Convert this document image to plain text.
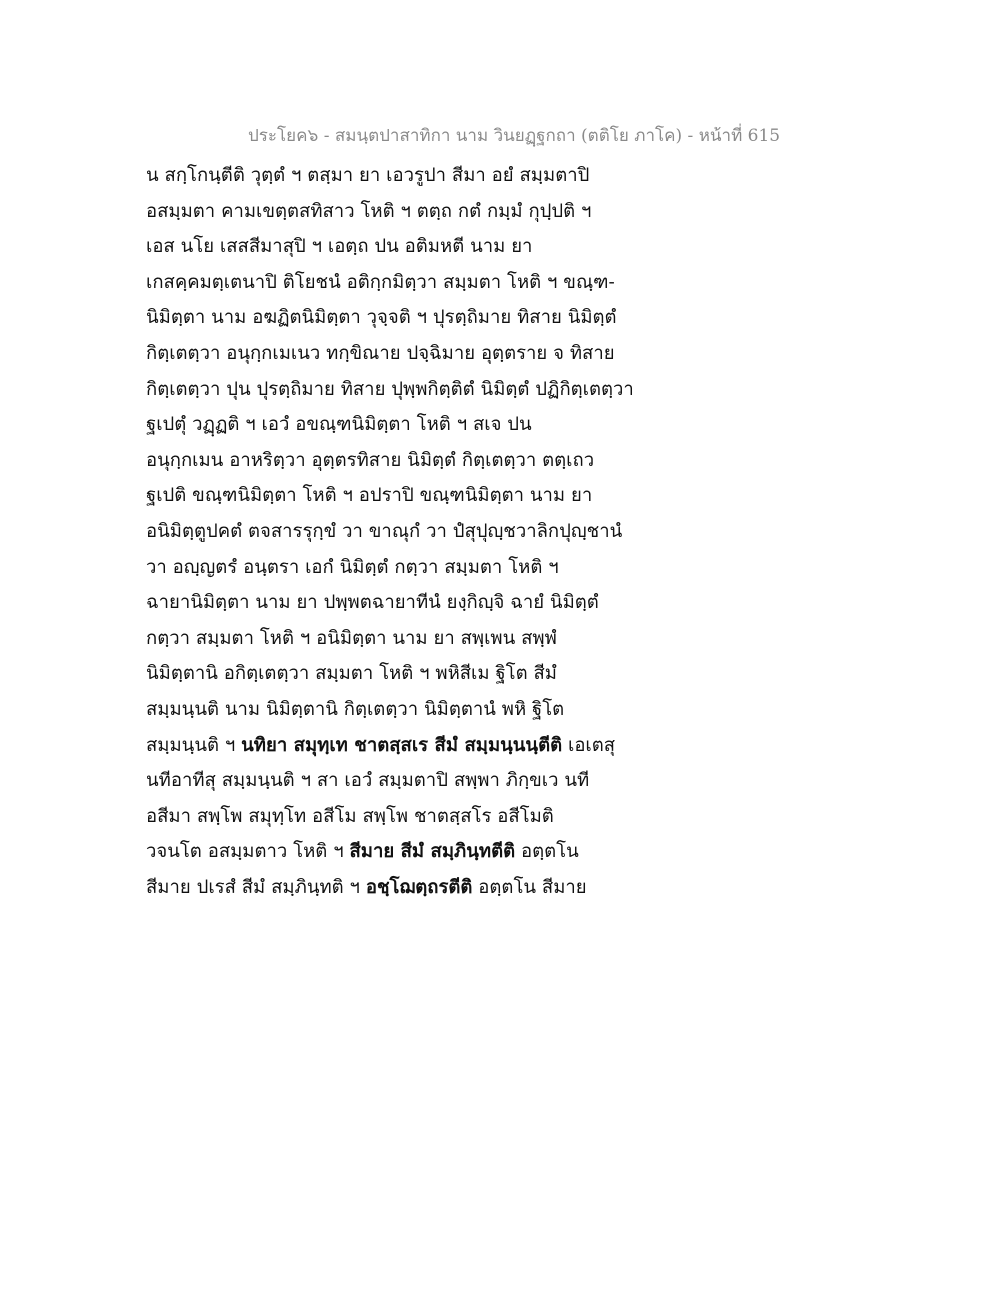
ประโยค๖ - สมนฺตปาสาทิกา นาม วินยฏฺฐกถา (ตติโย ภาโค) - หน้าที่ 615
น สกฺโกนฺตีติ วุตฺตํ ฯ ตสฺมา ยา เอวรูปา สีมา อยํ สมฺมตาปิ
อสมฺมตา คามเขตฺตสทิสาว โหติ ฯ ตตฺถ กตํ กมฺมํ กุปฺปติ ฯ
เอส นโย เสสสีมาสุปิ ฯ เอตฺถ ปน อติมหตี นาม ยา
เกสคฺคมตฺเตนาปิ ติโยชนํ อติกฺกมิตฺวา สมฺมตา โหติ ฯ ขณฺฑ-
นิมิตฺตา นาม อฆฏิตนิมิตฺตา วุจฺจติ ฯ ปุรตฺถิมาย ทิสาย นิมิตฺตํ
กิตฺเตตฺวา อนุกฺกเมเนว ทกฺขิณาย ปจฺฉิมาย อุตฺตราย จ ทิสาย
กิตฺเตตฺวา ปุน ปุรตฺถิมาย ทิสาย ปุพฺพกิตฺติตํ นิมิตฺตํ ปฏิกิตฺเตตฺวา
ฐเปตุํ วฏฺฏติ ฯ เอวํ อขณฺฑนิมิตฺตา โหติ ฯ สเจ ปน
อนุกฺกเมน อาหริตฺวา อุตฺตรทิสาย นิมิตฺตํ กิตฺเตตฺวา ตตฺเถว
ฐเปติ ขณฺฑนิมิตฺตา โหติ ฯ อปราปิ ขณฺฑนิมิตฺตา นาม ยา
อนิมิตฺตูปคตํ ตจสารรุกฺขํ วา ขาณุกํ วา ปํสุปุญฺชวาลิกปุญฺชานํ
วา อญฺญตรํ อนฺตรา เอกํ นิมิตฺตํ กตฺวา สมฺมตา โหติ ฯ
ฉายานิมิตฺตา นาม ยา ปพฺพตฉายาทีนํ ยงฺกิญฺจิ ฉายํ นิมิตฺตํ
กตฺวา สมฺมตา โหติ ฯ อนิมิตฺตา นาม ยา สพฺเพน สพฺพํ
นิมิตฺตานิ อกิตฺเตตฺวา สมฺมตา โหติ ฯ พหิสีเม ฐิโต สีมํ
สมฺมนฺนติ นาม นิมิตฺตานิ กิตฺเตตฺวา นิมิตฺตานํ พหิ ฐิโต
สมฺมนฺนติ ฯ นทิยา สมุทฺเท ชาตสฺสเร สีมํ สมฺมนฺนนฺตีติ เอเตสุ
นทีอาทีสุ สมฺมนฺนติ ฯ สา เอวํ สมฺมตาปิ สพฺพา ภิกฺขเว นที
อสีมา สพฺโพ สมุทฺโท อสีโม สพฺโพ ชาตสฺสโร อสีโมติ
วจนโต อสมฺมตาว โหติ ฯ สีมาย สีมํ สมฺภินฺทตีติ อตฺตโน
สีมาย ปเรสํ สีมํ สมฺภินฺทติ ฯ อชฺโฌตฺถรตีติ อตฺตโน สีมาย
